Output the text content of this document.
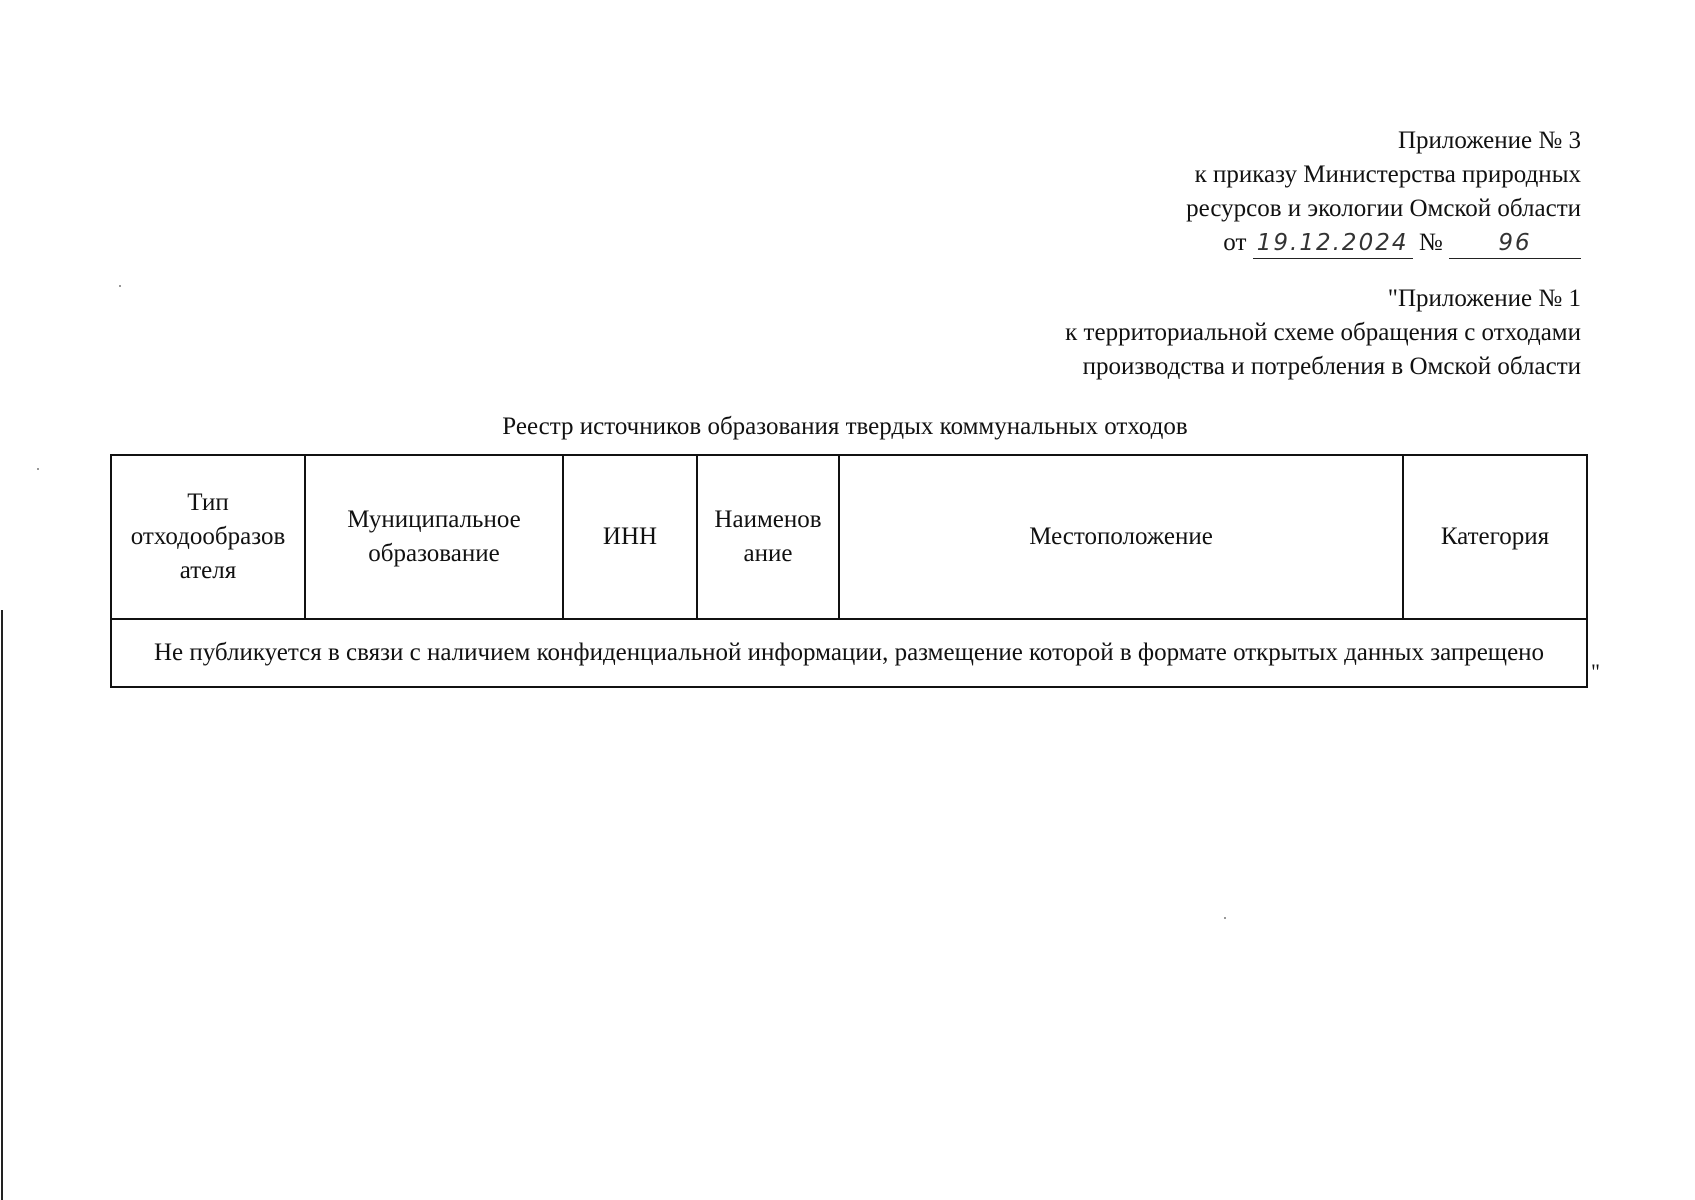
Приложение № 3
к приказу Министерства природных
ресурсов и экологии Омской области
от 19.12.2024 № 96
"Приложение № 1
к территориальной схеме обращения с отходами
производства и потребления в Омской области
Реестр источников образования твердых коммунальных отходов
Тип отходообразов ателя	Муниципальное образование	ИНН	Наименов ание	Местоположение	Категория
Не публикуется в связи с наличием конфиденциальной информации, размещение которой в формате открытых данных запрещено
"
